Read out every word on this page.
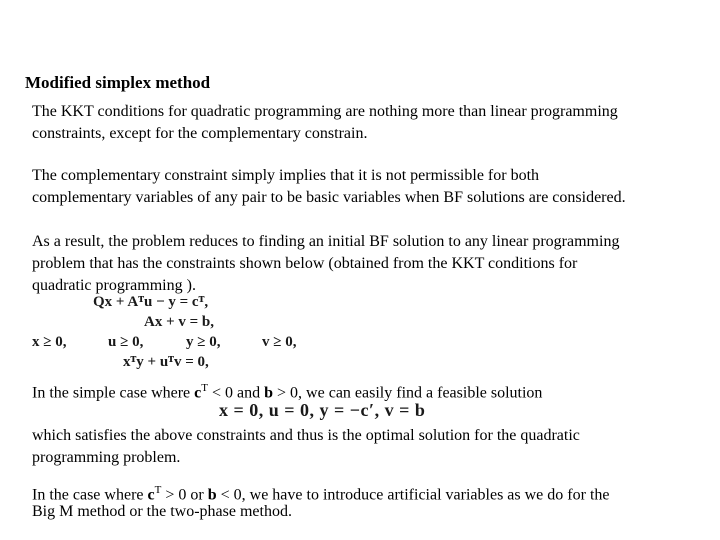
Modified simplex method
The KKT conditions for quadratic programming are nothing more than linear programming
constraints, except for the complementary constrain.
The complementary constraint simply implies that it is not permissible for both
complementary variables of any pair to be basic variables when BF solutions are considered.
As a result, the problem reduces to finding an initial BF solution to any linear programming
problem that has the constraints shown below (obtained from the KKT conditions for
quadratic programming ).
Qx + Aᵀu − y = cᵀ,
Ax + v = b,
x ≥ 0,	u ≥ 0,	y ≥ 0,	v ≥ 0,
xᵀy + uᵀv = 0,
In the simple case where $c^T < 0$ and b > 0, we can easily find a feasible solution
x = 0, u = 0, y = −c′, v = b
which satisfies the above constraints and thus is the optimal solution for the quadratic
programming problem.
In the case where $c^T > 0$ or b < 0, we have to introduce artificial variables as we do for the
Big M method or the two-phase method.
